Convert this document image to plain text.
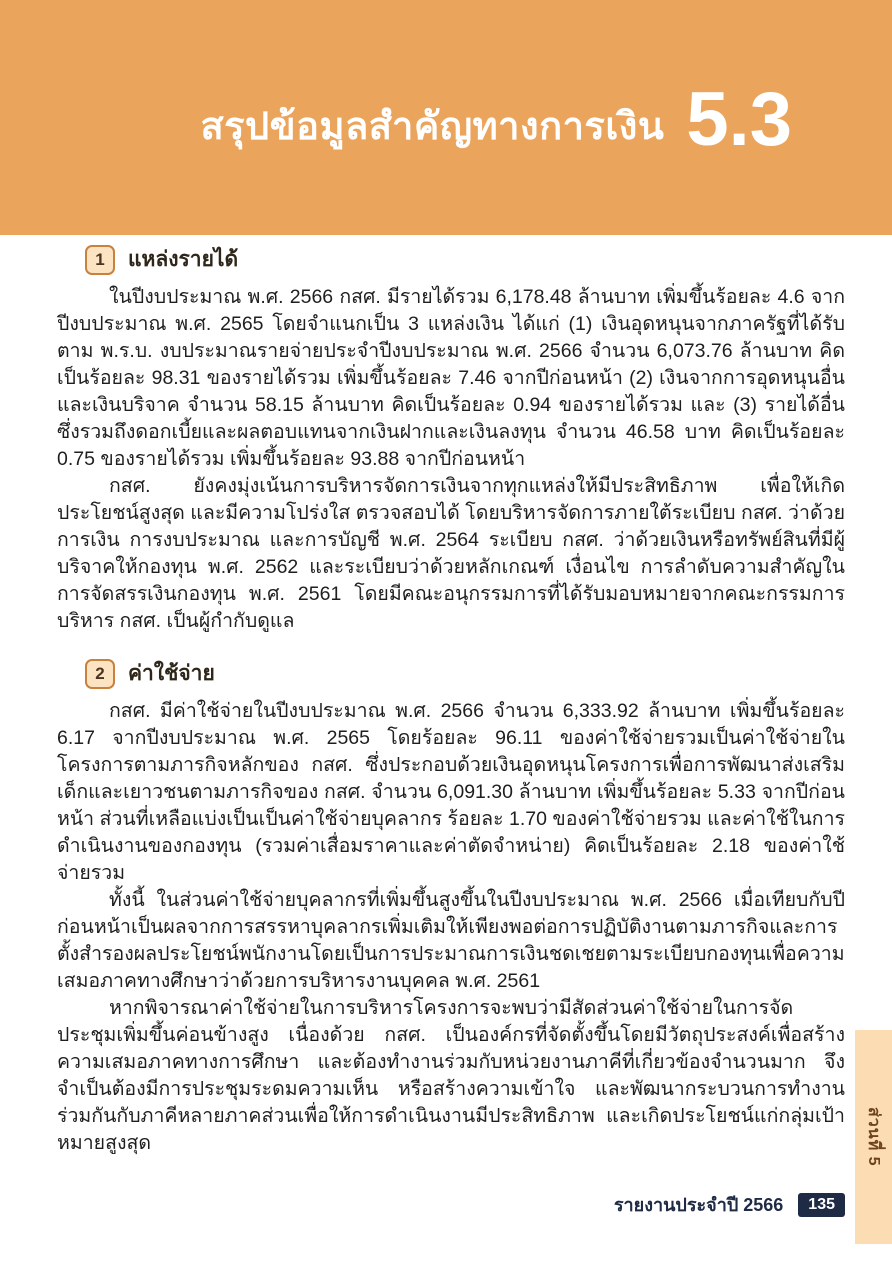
สรุปข้อมูลสำคัญทางการเงิน 5.3
1	แหล่งรายได้

ในปีงบประมาณ พ.ศ. 2566 กสศ. มีรายได้รวม 6,178.48 ล้านบาท เพิ่มขึ้นร้อยละ 4.6 จากปีงบประมาณ พ.ศ. 2565 โดยจำแนกเป็น 3 แหล่งเงิน ได้แก่ (1) เงินอุดหนุนจากภาครัฐที่ได้รับตาม พ.ร.บ. งบประมาณรายจ่ายประจำปีงบประมาณ พ.ศ. 2566 จำนวน 6,073.76 ล้านบาท คิดเป็นร้อยละ 98.31 ของรายได้รวม เพิ่มขึ้นร้อยละ 7.46 จากปีก่อนหน้า (2) เงินจากการอุดหนุนอื่นและเงินบริจาค จำนวน 58.15 ล้านบาท คิดเป็นร้อยละ 0.94 ของรายได้รวม และ (3) รายได้อื่นซึ่งรวมถึงดอกเบี้ยและผลตอบแทนจากเงินฝากและเงินลงทุน จำนวน 46.58 บาท คิดเป็นร้อยละ 0.75 ของรายได้รวม เพิ่มขึ้นร้อยละ 93.88 จากปีก่อนหน้า

กสศ. ยังคงมุ่งเน้นการบริหารจัดการเงินจากทุกแหล่งให้มีประสิทธิภาพ เพื่อให้เกิดประโยชน์สูงสุด และมีความโปร่งใส ตรวจสอบได้ โดยบริหารจัดการภายใต้ระเบียบ กสศ. ว่าด้วยการเงิน การงบประมาณ และการบัญชี พ.ศ. 2564 ระเบียบ กสศ. ว่าด้วยเงินหรือทรัพย์สินที่มีผู้บริจาคให้กองทุน พ.ศ. 2562 และระเบียบว่าด้วยหลักเกณฑ์ เงื่อนไข การลำดับความสำคัญในการจัดสรรเงินกองทุน พ.ศ. 2561 โดยมีคณะอนุกรรมการที่ได้รับมอบหมายจากคณะกรรมการบริหาร กสศ. เป็นผู้กำกับดูแล

2	ค่าใช้จ่าย

กสศ. มีค่าใช้จ่ายในปีงบประมาณ พ.ศ. 2566 จำนวน 6,333.92 ล้านบาท เพิ่มขึ้นร้อยละ 6.17 จากปีงบประมาณ พ.ศ. 2565 โดยร้อยละ 96.11 ของค่าใช้จ่ายรวมเป็นค่าใช้จ่ายในโครงการตามภารกิจหลักของ กสศ. ซึ่งประกอบด้วยเงินอุดหนุนโครงการเพื่อการพัฒนาส่งเสริมเด็กและเยาวชนตามภารกิจของ กสศ. จำนวน 6,091.30 ล้านบาท เพิ่มขึ้นร้อยละ 5.33 จากปีก่อนหน้า ส่วนที่เหลือแบ่งเป็นเป็นค่าใช้จ่ายบุคลากร ร้อยละ 1.70 ของค่าใช้จ่ายรวม และค่าใช้ในการดำเนินงานของกองทุน (รวมค่าเสื่อมราคาและค่าตัดจำหน่าย) คิดเป็นร้อยละ 2.18 ของค่าใช้จ่ายรวม

ทั้งนี้ ในส่วนค่าใช้จ่ายบุคลากรที่เพิ่มขึ้นสูงขึ้นในปีงบประมาณ พ.ศ. 2566 เมื่อเทียบกับปีก่อนหน้าเป็นผลจากการสรรหาบุคลากรเพิ่มเติมให้เพียงพอต่อการปฏิบัติงานตามภารกิจและการตั้งสำรองผลประโยชน์พนักงานโดยเป็นการประมาณการเงินชดเชยตามระเบียบกองทุนเพื่อความเสมอภาคทางศึกษาว่าด้วยการบริหารงานบุคคล พ.ศ. 2561

หากพิจารณาค่าใช้จ่ายในการบริหารโครงการจะพบว่ามีสัดส่วนค่าใช้จ่ายในการจัดประชุมเพิ่มขึ้นค่อนข้างสูง เนื่องด้วย กสศ. เป็นองค์กรที่จัดตั้งขึ้นโดยมีวัตถุประสงค์เพื่อสร้างความเสมอภาคทางการศึกษา และต้องทำงานร่วมกับหน่วยงานภาคีที่เกี่ยวข้องจำนวนมาก จึงจำเป็นต้องมีการประชุมระดมความเห็น หรือสร้างความเข้าใจ และพัฒนากระบวนการทำงานร่วมกันกับภาคีหลายภาคส่วนเพื่อให้การดำเนินงานมีประสิทธิภาพ และเกิดประโยชน์แก่กลุ่มเป้าหมายสูงสุด	ส่วนที่ 5
รายงานประจำปี 2566	135
